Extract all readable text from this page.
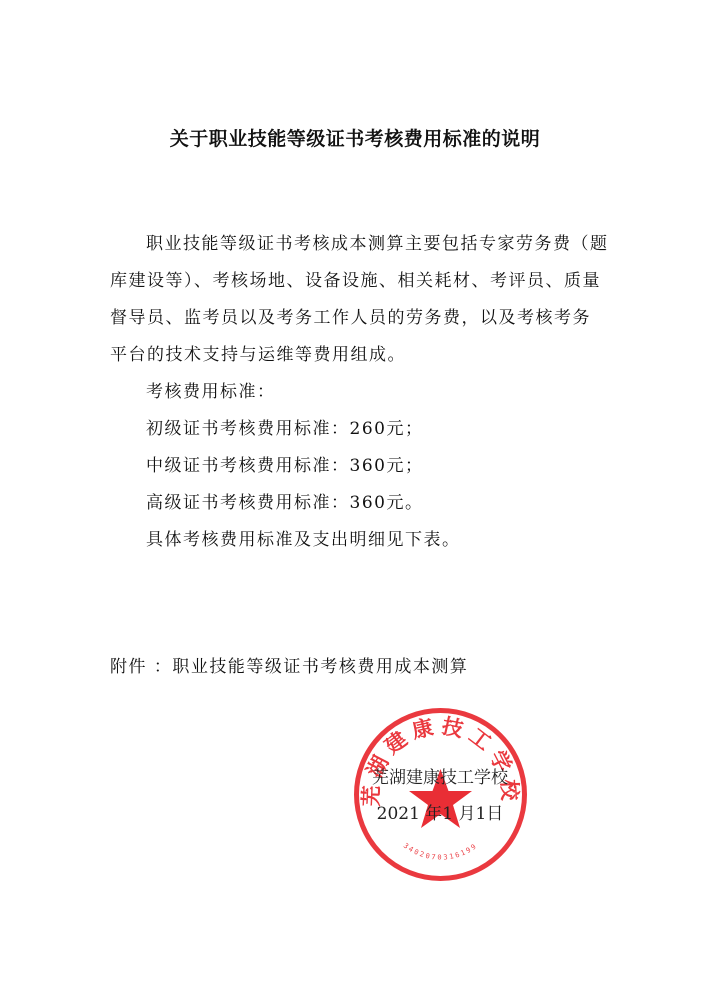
关于职业技能等级证书考核费用标准的说明

职业技能等级证书考核成本测算主要包括专家劳务费（题库建设等）、考核场地、设备设施、相关耗材、考评员、质量督导员、监考员以及考务工作人员的劳务费，以及考核考务 平台的技术支持与运维等费用组成。

考核费用标准：

初级证书考核费用标准：260元；

中级证书考核费用标准：360元；

高级证书考核费用标准：360元。

具体考核费用标准及支出明细见下表。

附件 ：职业技能等级证书考核费用成本测算
芜湖建康技工学校
3402070316199
芜湖建康技工学校
2021 年1 月1日
